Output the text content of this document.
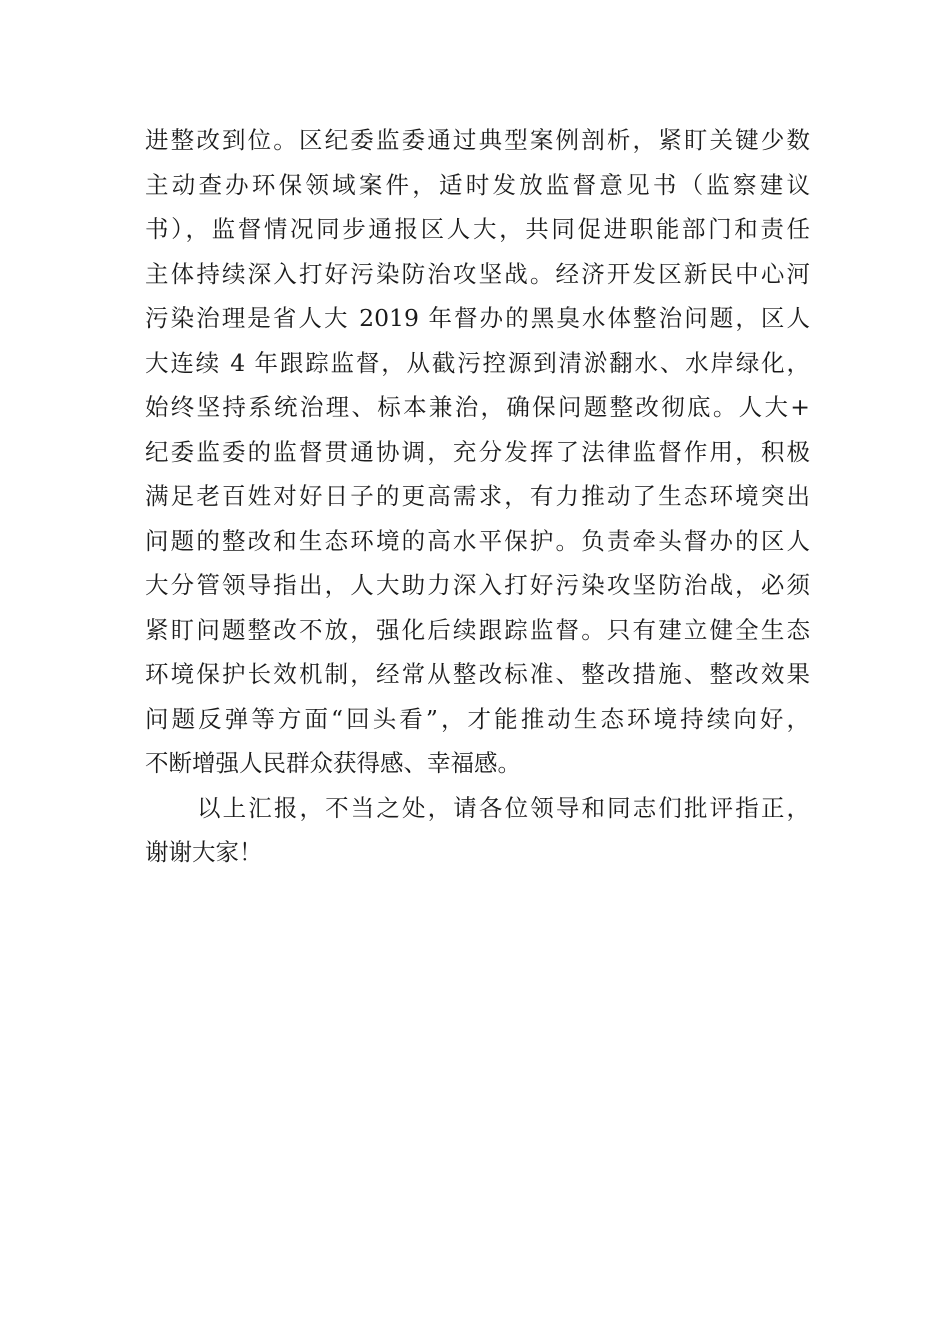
进整改到位。区纪委监委通过典型案例剖析，紧盯关键少数
主动查办环保领域案件，适时发放监督意见书（监察建议
书），监督情况同步通报区人大，共同促进职能部门和责任
主体持续深入打好污染防治攻坚战。经济开发区新民中心河
污染治理是省人大 2019 年督办的黑臭水体整治问题，区人
大连续 4 年跟踪监督，从截污控源到清淤翻水、水岸绿化，
始终坚持系统治理、标本兼治，确保问题整改彻底。人大+
纪委监委的监督贯通协调，充分发挥了法律监督作用，积极
满足老百姓对好日子的更高需求，有力推动了生态环境突出
问题的整改和生态环境的高水平保护。负责牵头督办的区人
大分管领导指出，人大助力深入打好污染攻坚防治战，必须
紧盯问题整改不放，强化后续跟踪监督。只有建立健全生态
环境保护长效机制，经常从整改标准、整改措施、整改效果
问题反弹等方面“回头看”，才能推动生态环境持续向好，
不断增强人民群众获得感、幸福感。
以上汇报，不当之处，请各位领导和同志们批评指正，
谢谢大家！
